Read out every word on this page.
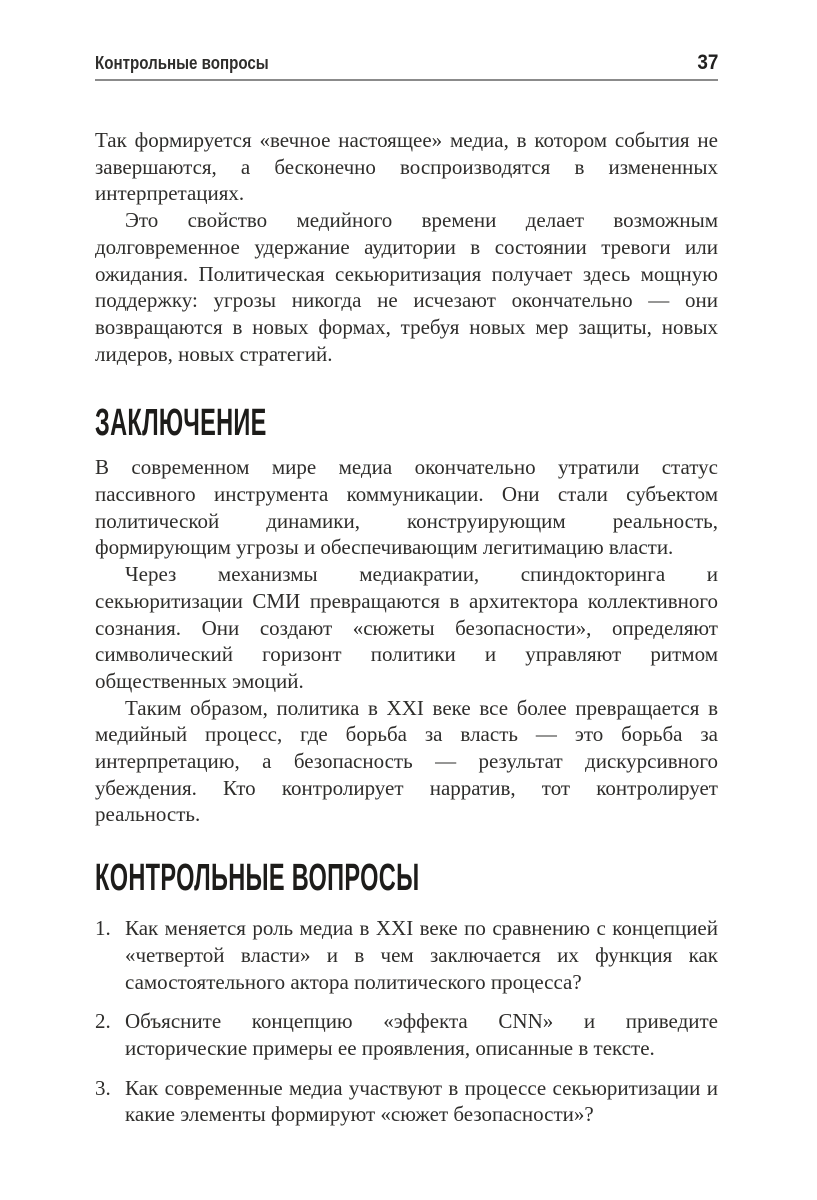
Контрольные вопросы	37

Так формируется «вечное настоящее» медиа, в котором события не завершаются, а бесконечно воспроизводятся в измененных интерпретациях.

Это свойство медийного времени делает возможным долговременное удержание аудитории в состоянии тревоги или ожидания. Политическая секьюритизация получает здесь мощную поддержку: угрозы никогда не исчезают окончательно — они возвращаются в новых формах, требуя новых мер защиты, новых лидеров, новых стратегий.

ЗАКЛЮЧЕНИЕ

В современном мире медиа окончательно утратили статус пассивного инструмента коммуникации. Они стали субъектом политической динамики, конструирующим реальность, формирующим угрозы и обеспечивающим легитимацию власти.

Через механизмы медиакратии, спиндокторинга и секьюритизации СМИ превращаются в архитектора коллективного сознания. Они создают «сюжеты безопасности», определяют символический горизонт политики и управляют ритмом общественных эмоций.

Таким образом, политика в XXI веке все более превращается в медийный процесс, где борьба за власть — это борьба за интерпретацию, а безопасность — результат дискурсивного убеждения. Кто контролирует нарратив, тот контролирует реальность.

КОНТРОЛЬНЫЕ ВОПРОСЫ
1. Как меняется роль медиа в XXI веке по сравнению с концепцией «четвертой власти» и в чем заключается их функция как самостоятельного актора политического процесса?
2. Объясните концепцию «эффекта CNN» и приведите исторические примеры ее проявления, описанные в тексте.
3. Как современные медиа участвуют в процессе секьюритизации и какие элементы формируют «сюжет безопасности»?
